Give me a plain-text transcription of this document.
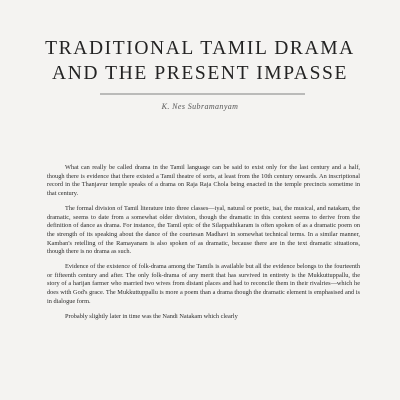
TRADITIONAL TAMIL DRAMA
AND THE PRESENT IMPASSE
K. Nes Subramanyam

What can really be called drama in the Tamil language can be said to exist only for the last century and a half, though there is evidence that there existed a Tamil theatre of sorts, at least from the 10th century onwards. An inscriptional record in the Thanjavur temple speaks of a drama on Raja Raja Chola being enacted in the temple precincts sometime in that century.

The formal division of Tamil literature into three classes—iyal, natural or poetic, isai, the musical, and natakam, the dramatic, seems to date from a somewhat older division, though the dramatic in this context seems to derive from the definition of dance as drama. For instance, the Tamil epic of the Silappathikaram is often spoken of as a dramatic poem on the strength of its speaking about the dance of the courtesan Madhavi in somewhat technical terms. In a similar manner, Kamban's retelling of the Ramayanam is also spoken of as dramatic, because there are in the text dramatic situations, though there is no drama as such.

Evidence of the existence of folk-drama among the Tamils is available but all the evidence belongs to the fourteenth or fifteenth century and after. The only folk-drama of any merit that has survived in entirety is the Mukkuttuppallu, the story of a harijan farmer who married two wives from distant places and had to reconcile them in their rivalries—which he does with God's grace. The Mukkuttuppallu is more a poem than a drama though the dramatic element is emphasised and is in dialogue form.

Probably slightly later in time was the Nandi Natakam which clearly
